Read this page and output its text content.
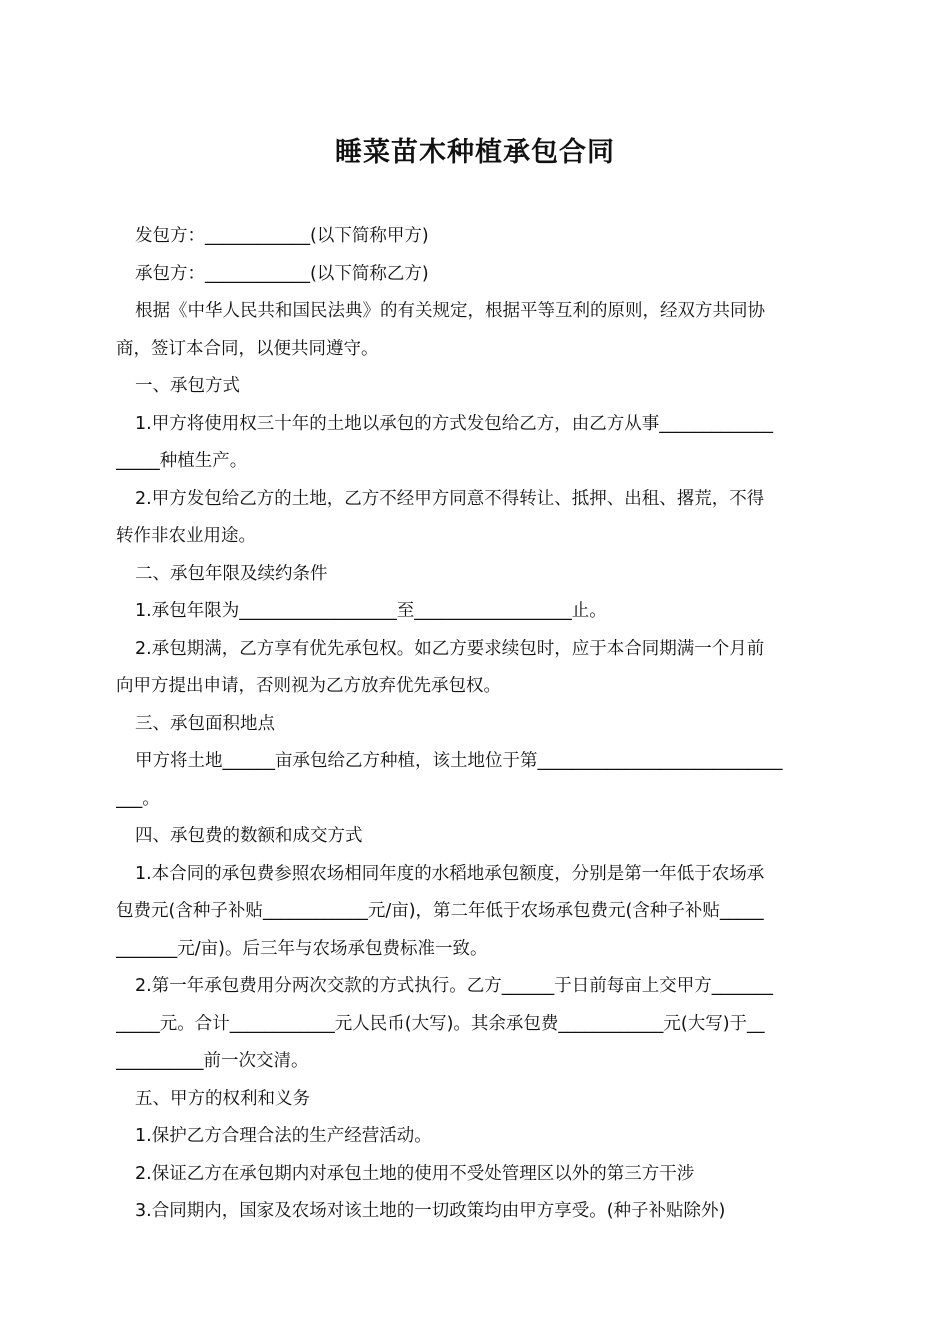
睡菜苗木种植承包合同
发包方：____________(以下简称甲方)
承包方：____________(以下简称乙方)
根据《中华人民共和国民法典》的有关规定，根据平等互利的原则，经双方共同协
商，签订本合同，以便共同遵守。
一、承包方式
1.甲方将使用权三十年的土地以承包的方式发包给乙方，由乙方从事_____________
_____种植生产。
2.甲方发包给乙方的土地，乙方不经甲方同意不得转让、抵押、出租、撂荒，不得
转作非农业用途。
二、承包年限及续约条件
1.承包年限为__________________至__________________止。
2.承包期满，乙方享有优先承包权。如乙方要求续包时，应于本合同期满一个月前
向甲方提出申请，否则视为乙方放弃优先承包权。
三、承包面积地点
甲方将土地______亩承包给乙方种植，该土地位于第____________________________
___。
四、承包费的数额和成交方式
1.本合同的承包费参照农场相同年度的水稻地承包额度，分别是第一年低于农场承
包费元(含种子补贴____________元/亩)，第二年低于农场承包费元(含种子补贴_____
_______元/亩)。后三年与农场承包费标准一致。
2.第一年承包费用分两次交款的方式执行。乙方______于日前每亩上交甲方_______
_____元。合计____________元人民币(大写)。其余承包费____________元(大写)于__
__________前一次交清。
五、甲方的权利和义务
1.保护乙方合理合法的生产经营活动。
2.保证乙方在承包期内对承包土地的使用不受处管理区以外的第三方干涉
3.合同期内，国家及农场对该土地的一切政策均由甲方享受。(种子补贴除外)
